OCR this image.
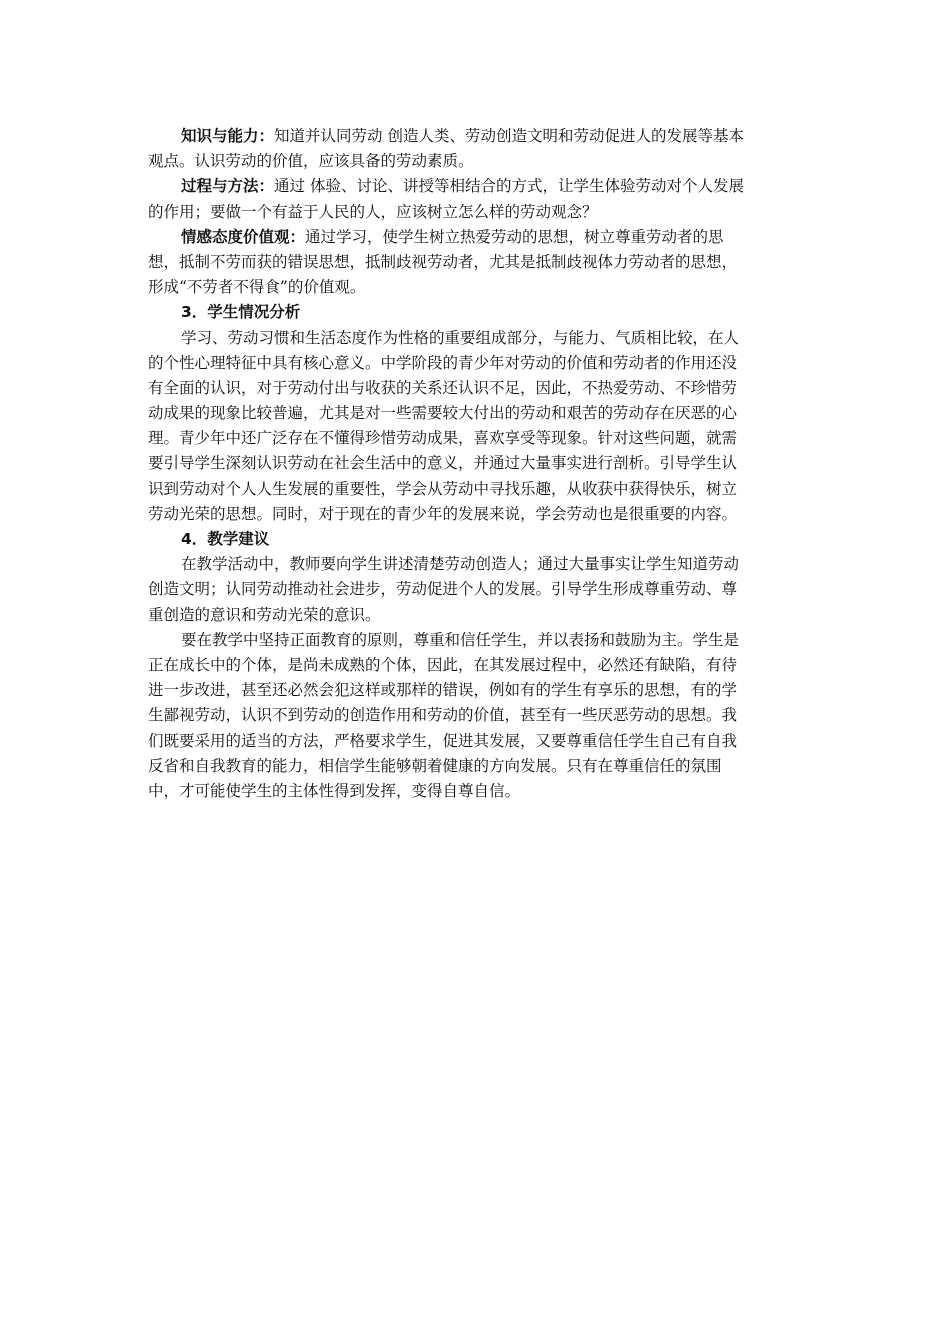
知识与能力：知道并认同劳动 创造人类、劳动创造文明和劳动促进人的发展等基本
观点。认识劳动的价值，应该具备的劳动素质。
过程与方法：通过 体验、讨论、讲授等相结合的方式，让学生体验劳动对个人发展
的作用；要做一个有益于人民的人，应该树立怎么样的劳动观念？
情感态度价值观：通过学习，使学生树立热爱劳动的思想，树立尊重劳动者的思
想，抵制不劳而获的错误思想，抵制歧视劳动者，尤其是抵制歧视体力劳动者的思想，
形成“不劳者不得食”的价值观。
3．学生情况分析
学习、劳动习惯和生活态度作为性格的重要组成部分，与能力、气质相比较，在人
的个性心理特征中具有核心意义。中学阶段的青少年对劳动的价值和劳动者的作用还没
有全面的认识，对于劳动付出与收获的关系还认识不足，因此，不热爱劳动、不珍惜劳
动成果的现象比较普遍，尤其是对一些需要较大付出的劳动和艰苦的劳动存在厌恶的心
理。青少年中还广泛存在不懂得珍惜劳动成果，喜欢享受等现象。针对这些问题，就需
要引导学生深刻认识劳动在社会生活中的意义，并通过大量事实进行剖析。引导学生认
识到劳动对个人人生发展的重要性，学会从劳动中寻找乐趣，从收获中获得快乐，树立
劳动光荣的思想。同时，对于现在的青少年的发展来说，学会劳动也是很重要的内容。
4．教学建议
在教学活动中，教师要向学生讲述清楚劳动创造人；通过大量事实让学生知道劳动
创造文明；认同劳动推动社会进步，劳动促进个人的发展。引导学生形成尊重劳动、尊
重创造的意识和劳动光荣的意识。
要在教学中坚持正面教育的原则，尊重和信任学生，并以表扬和鼓励为主。学生是
正在成长中的个体，是尚未成熟的个体，因此，在其发展过程中，必然还有缺陷，有待
进一步改进，甚至还必然会犯这样或那样的错误，例如有的学生有享乐的思想，有的学
生鄙视劳动，认识不到劳动的创造作用和劳动的价值，甚至有一些厌恶劳动的思想。我
们既要采用的适当的方法，严格要求学生，促进其发展，又要尊重信任学生自己有自我
反省和自我教育的能力，相信学生能够朝着健康的方向发展。只有在尊重信任的氛围
中，才可能使学生的主体性得到发挥，变得自尊自信。
